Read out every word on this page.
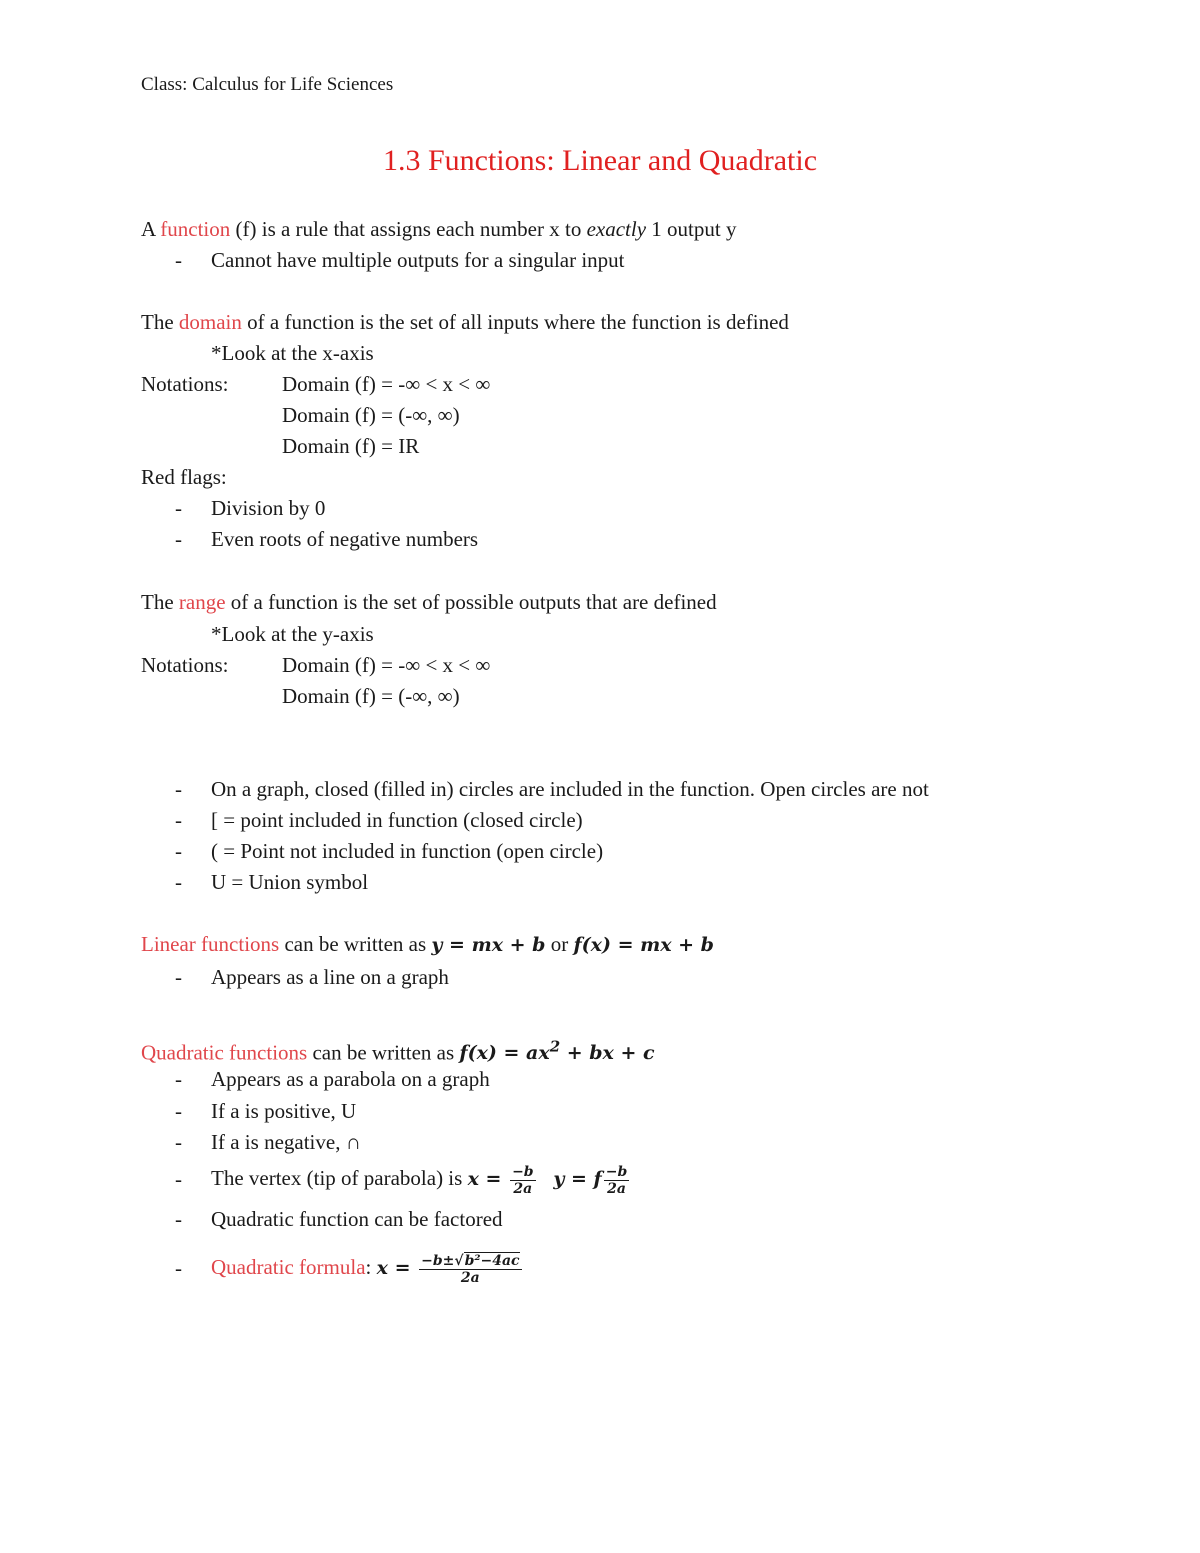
Class: Calculus for Life Sciences
1.3 Functions: Linear and Quadratic
A function (f) is a rule that assigns each number x to exactly 1 output y
- Cannot have multiple outputs for a singular input
The domain of a function is the set of all inputs where the function is defined
*Look at the x-axis
Notations:	Domain (f) = -∞ < x < ∞
Domain (f) = (-∞, ∞)
Domain (f) = IR
Red flags:
- Division by 0
- Even roots of negative numbers
The range of a function is the set of possible outputs that are defined
*Look at the y-axis
Notations:	Domain (f) = -∞ < x < ∞
Domain (f) = (-∞, ∞)
- On a graph, closed (filled in) circles are included in the function. Open circles are not
- [ = point included in function (closed circle)
- ( = Point not included in function (open circle)
- U = Union symbol
Linear functions can be written as y = mx + b or f(x) = mx + b
- Appears as a line on a graph
Quadratic functions can be written as $f(x) = ax^2$ + bx + c
- Appears as a parabola on a graph
- If a is positive, U
- If a is negative, ∩
- The vertex (tip of parabola) is $x = \frac{-b}{2a}$ y = f $\frac{-b}{2a}$
- Quadratic function can be factored
- Quadratic formula: $x = \frac{\text{−b±√b²−4ac}}{2a}$
